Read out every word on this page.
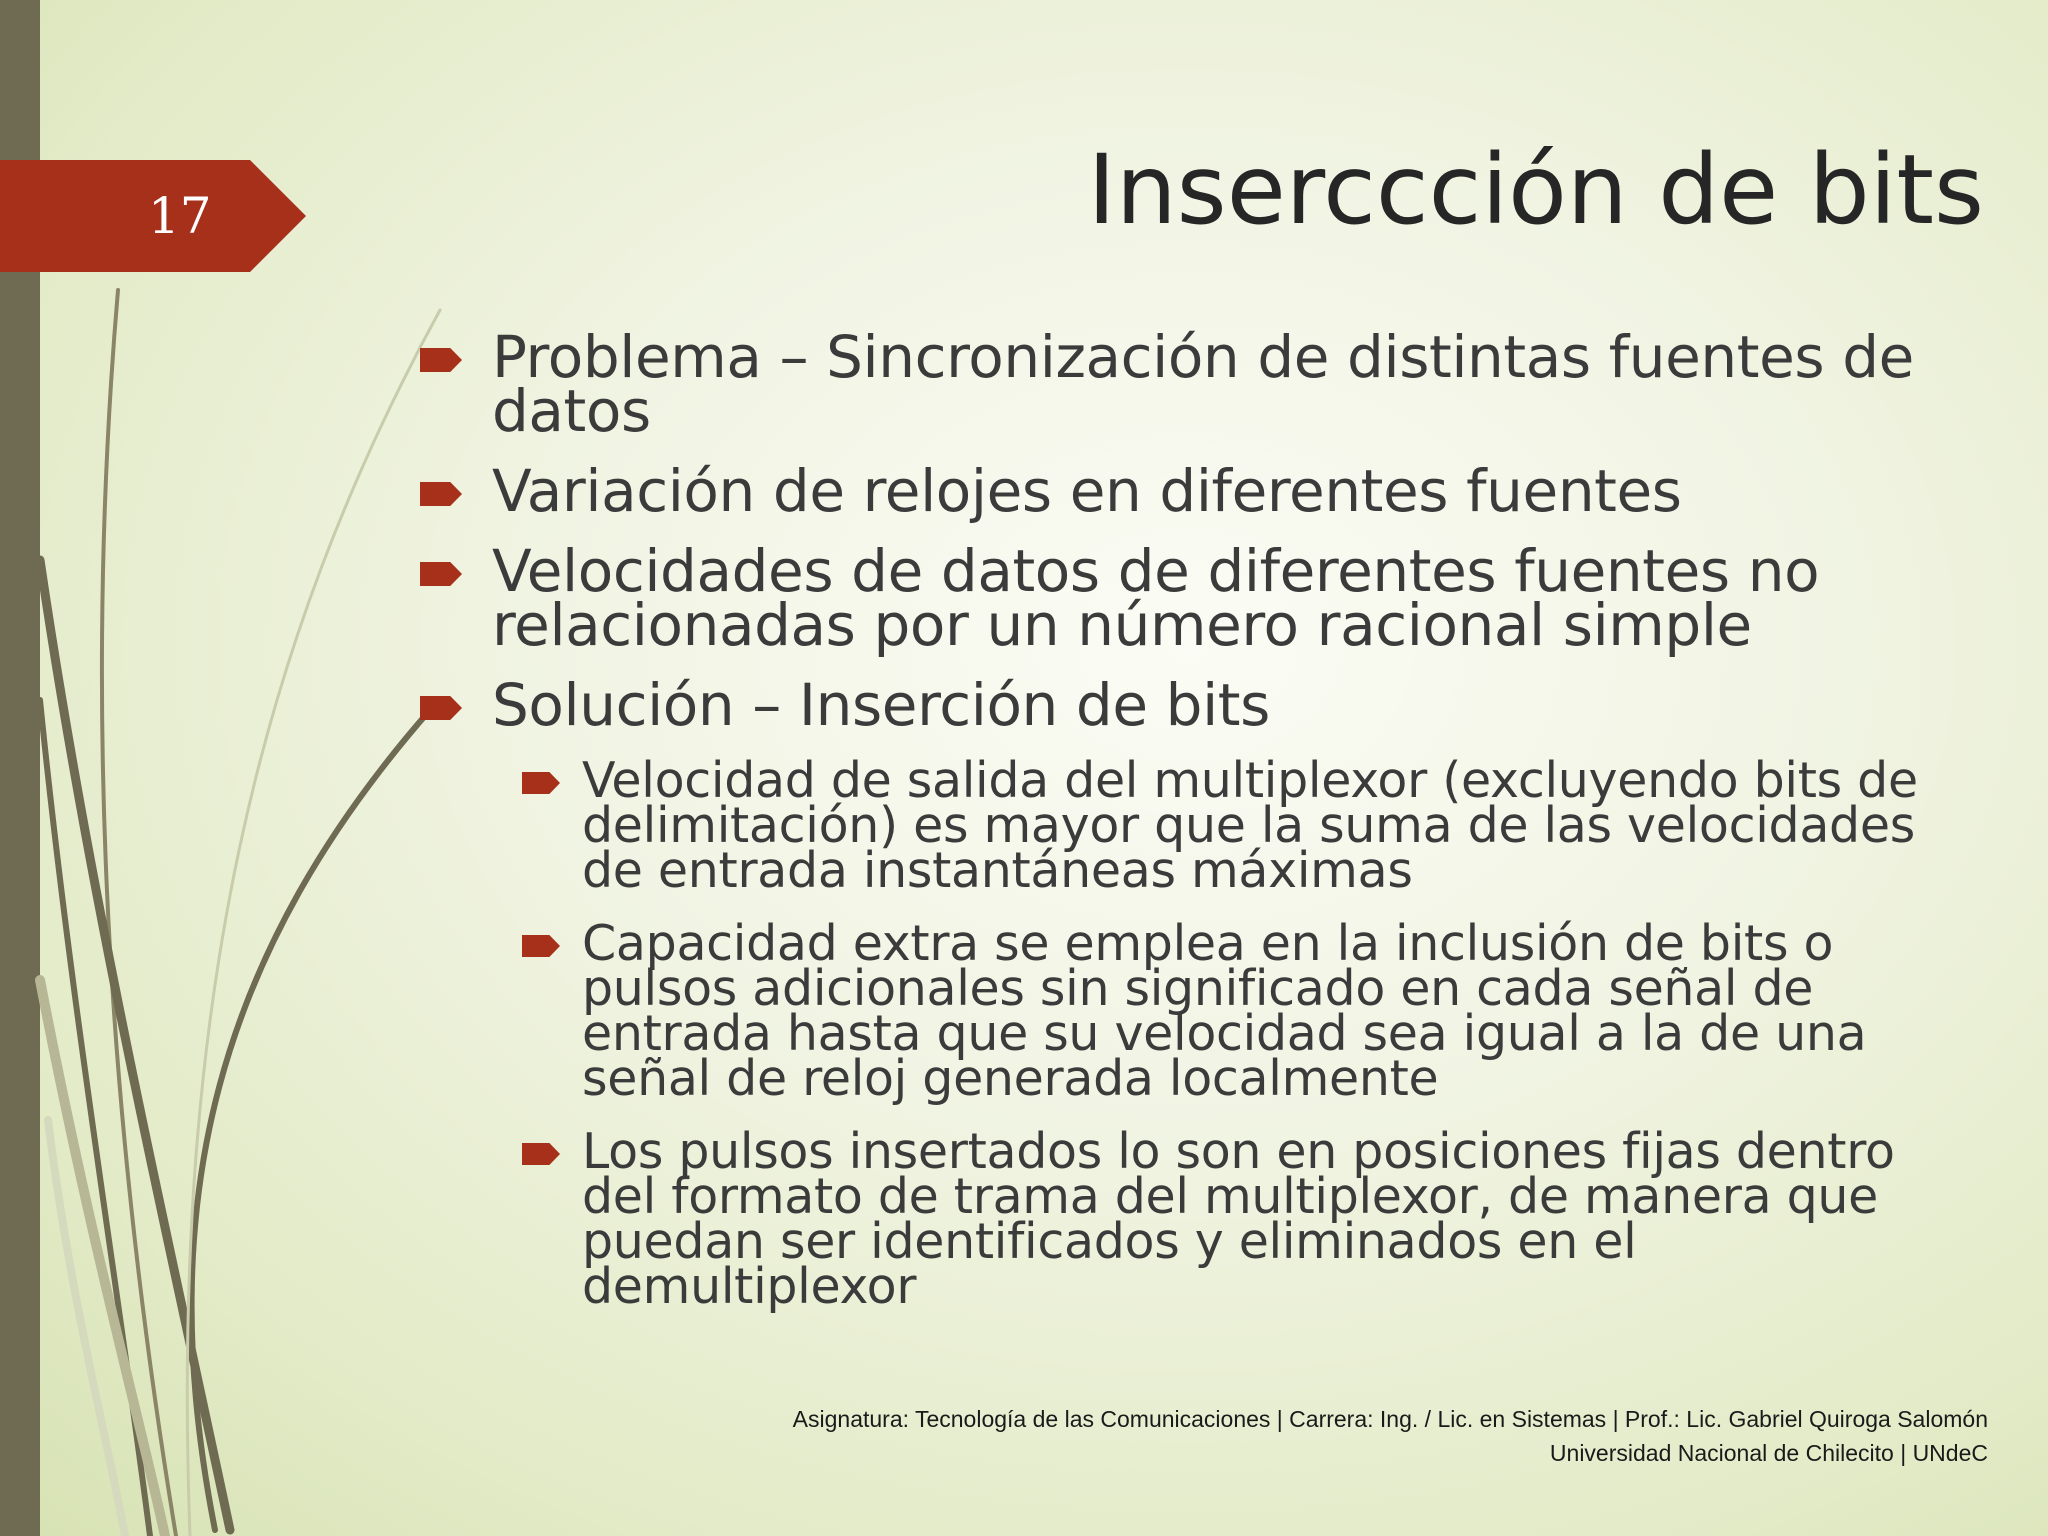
17	Inserccción de bits
Problema – Sincronización de distintas fuentes de datos
Variación de relojes en diferentes fuentes
Velocidades de datos de diferentes fuentes no relacionadas por un número racional simple
Solución – Inserción de bits
Velocidad de salida del multiplexor (excluyendo bits de delimitación) es mayor que la suma de las velocidades de entrada instantáneas máximas
Capacidad extra se emplea en la inclusión de bits o pulsos adicionales sin significado en cada señal de entrada hasta que su velocidad sea igual a la de una señal de reloj generada localmente
Los pulsos insertados lo son en posiciones fijas dentro del formato de trama del multiplexor, de manera que puedan ser identificados y eliminados en el demultiplexor
Asignatura: Tecnología de las Comunicaciones | Carrera: Ing. / Lic. en Sistemas | Prof.: Lic. Gabriel Quiroga Salomón
Universidad Nacional de Chilecito | UNdeC
